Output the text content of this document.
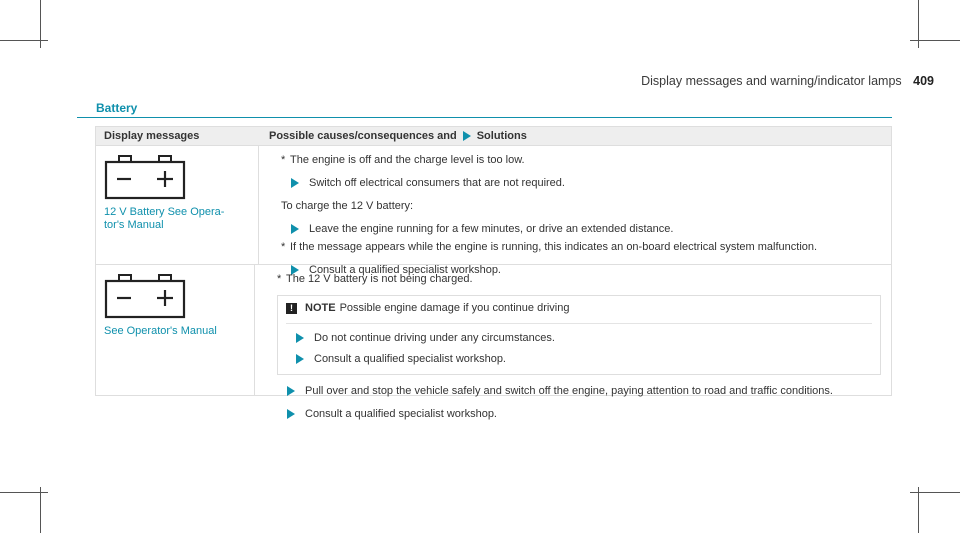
Display messages and warning/indicator lamps 409
Battery
Display messages	Possible causes/consequences and Solutions
12 V Battery See Opera-tor's Manual
* The engine is off and the charge level is too low.
Switch off electrical consumers that are not required.
To charge the 12 V battery:
Leave the engine running for a few minutes, or drive an extended distance.
* If the message appears while the engine is running, this indicates an on-board electrical system malfunction.
Consult a qualified specialist workshop.
See Operator's Manual
* The 12 V battery is not being charged.
!	NOTE Possible engine damage if you continue driving
Do not continue driving under any circumstances.
Consult a qualified specialist workshop.
Pull over and stop the vehicle safely and switch off the engine, paying attention to road and traffic conditions.
Consult a qualified specialist workshop.
